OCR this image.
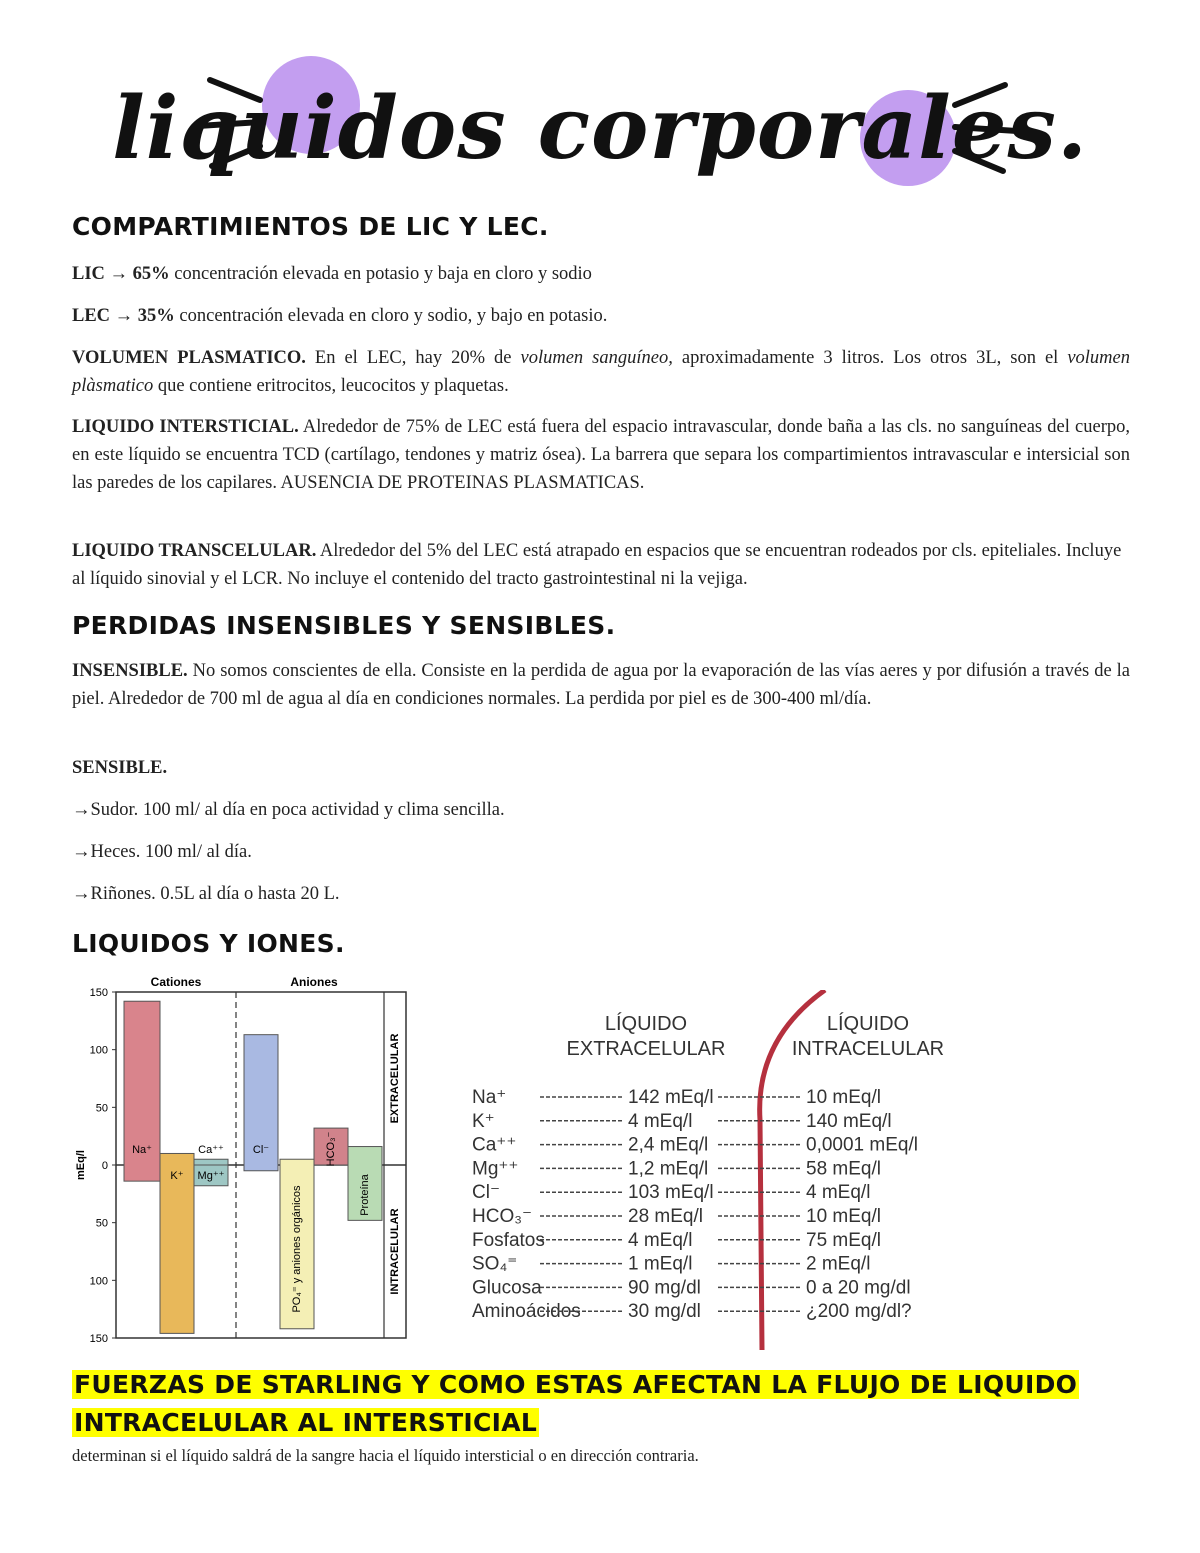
liquidos corporales.
COMPARTIMIENTOS DE LIC Y LEC.
LIC → 65% concentración elevada en potasio y baja en cloro y sodio
LEC → 35% concentración elevada en cloro y sodio, y bajo en potasio.
VOLUMEN PLASMATICO. En el LEC, hay 20% de volumen sanguíneo, aproximadamente 3 litros. Los otros 3L, son el volumen plàsmatico que contiene eritrocitos, leucocitos y plaquetas.
LIQUIDO INTERSTICIAL. Alrededor de 75% de LEC está fuera del espacio intravascular, donde baña a las cls. no sanguíneas del cuerpo, en este líquido se encuentra TCD (cartílago, tendones y matriz ósea). La barrera que separa los compartimientos intravascular e intersicial son las paredes de los capilares. AUSENCIA DE PROTEINAS PLASMATICAS.
LIQUIDO TRANSCELULAR. Alrededor del 5% del LEC está atrapado en espacios que se encuentran rodeados por cls. epiteliales. Incluye al líquido sinovial y el LCR. No incluye el contenido del tracto gastrointestinal ni la vejiga.
PERDIDAS INSENSIBLES Y SENSIBLES.
INSENSIBLE. No somos conscientes de ella. Consiste en la perdida de agua por la evaporación de las vías aeres y por difusión a través de la piel. Alrededor de 700 ml de agua al día en condiciones normales. La perdida por piel es de 300-400 ml/día.
SENSIBLE.
→Sudor. 100 ml/ al día en poca actividad y clima sencilla.
→Heces. 100 ml/ al día.
→Riñones. 0.5L al día o hasta 20 L.
LIQUIDOS Y IONES.
150
100
50
0
50
100
150
mEq/l
Cationes	Aniones
EXTRACELULAR
INTRACELULAR
Na⁺
K⁺
Ca⁺⁺
Mg⁺⁺
Cl⁻
PO₄⁼ y aniones orgánicos
HCO₃⁻
Proteína
LÍQUIDO
EXTRACELULAR
LÍQUIDO
INTRACELULAR
Na⁺	142 mEq/l	10 mEq/l
K⁺	4 mEq/l	140 mEq/l
Ca⁺⁺	2,4 mEq/l	0,0001 mEq/l
Mg⁺⁺	1,2 mEq/l	58 mEq/l
Cl⁻	103 mEq/l	4 mEq/l
HCO₃⁻	28 mEq/l	10 mEq/l
Fosfatos	4 mEq/l	75 mEq/l
SO₄⁼	1 mEq/l	2 mEq/l
Glucosa	90 mg/dl	0 a 20 mg/dl
Aminoácidos 30 mg/dl	¿200 mg/dl?
FUERZAS DE STARLING Y COMO ESTAS AFECTAN LA FLUJO DE LIQUIDO
INTRACELULAR AL INTERSTICIAL
determinan si el líquido saldrá de la sangre hacia el líquido intersticial o en dirección contraria.
